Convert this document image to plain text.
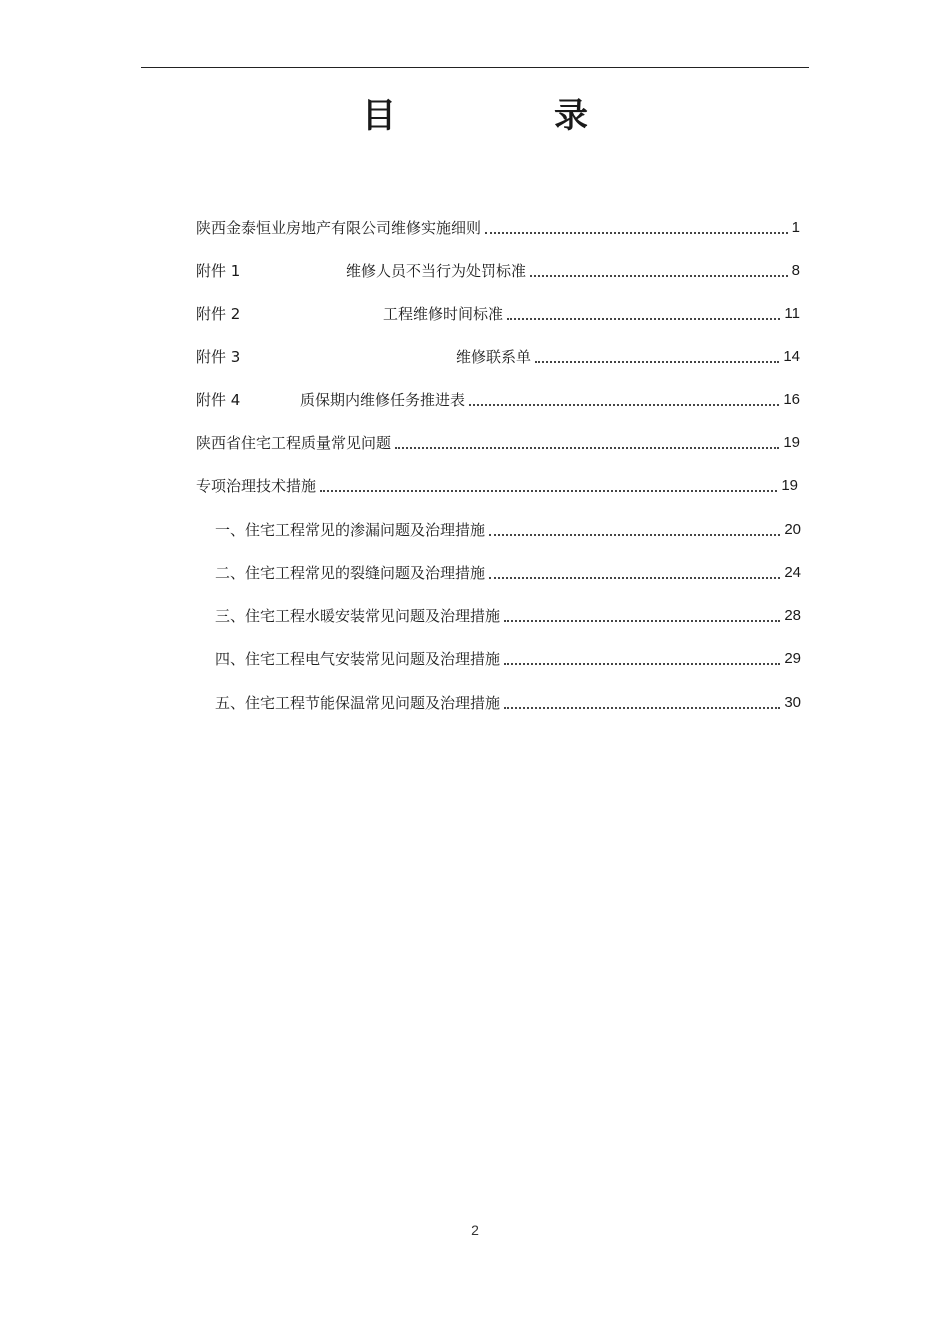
目　录
陕西金泰恒业房地产有限公司维修实施细则	1
附件 1	维修人员不当行为处罚标准	8
附件 2	工程维修时间标准	11
附件 3	维修联系单	14
附件 4	质保期内维修任务推进表	16
陕西省住宅工程质量常见问题	19
专项治理技术措施	19
一、住宅工程常见的渗漏问题及治理措施	20
二、住宅工程常见的裂缝问题及治理措施	24
三、住宅工程水暖安装常见问题及治理措施	28
四、住宅工程电气安装常见问题及治理措施	29
五、住宅工程节能保温常见问题及治理措施	30
2
